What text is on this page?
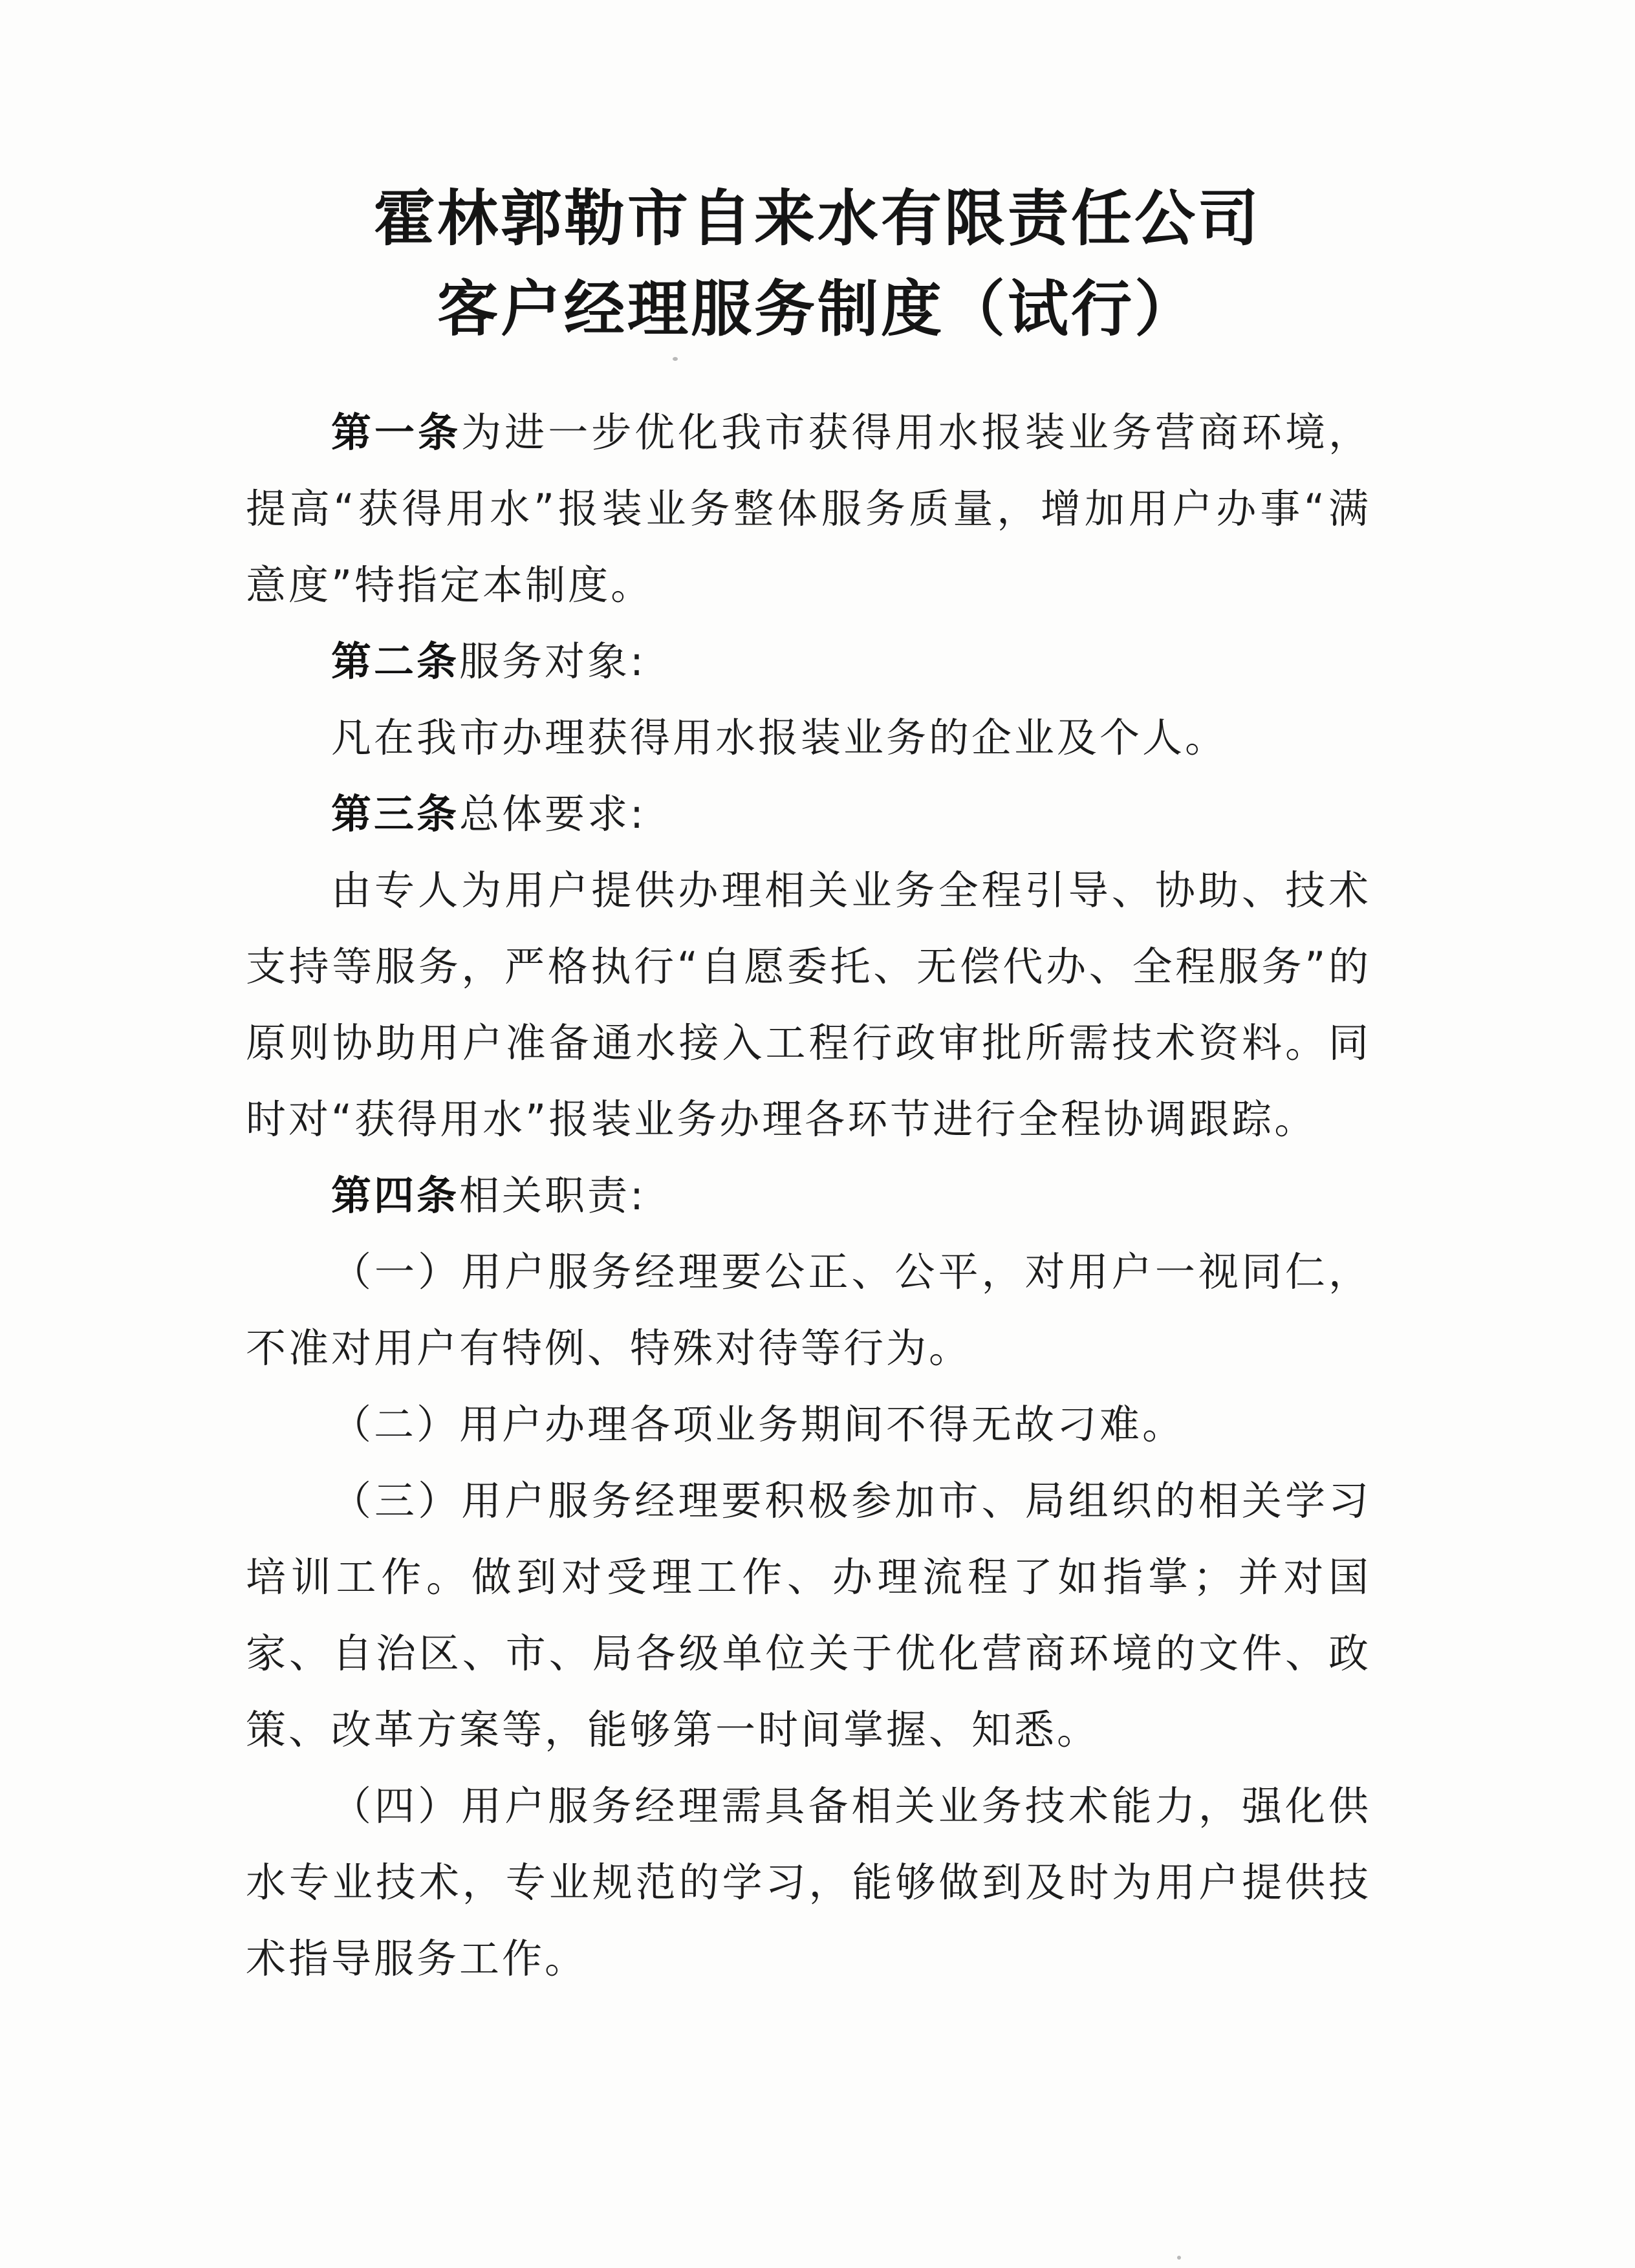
霍林郭勒市自来水有限责任公司
客户经理服务制度（试行）

第一条为进一步优化我市获得用水报装业务营商环境，提高“获得用水”报装业务整体服务质量，增加用户办事“满意度”特指定本制度。

第二条服务对象:

凡在我市办理获得用水报装业务的企业及个人。

第三条总体要求:

由专人为用户提供办理相关业务全程引导、协助、技术支持等服务，严格执行“自愿委托、无偿代办、全程服务”的原则协助用户准备通水接入工程行政审批所需技术资料。同时对“获得用水”报装业务办理各环节进行全程协调跟踪。

第四条相关职责:

（一）用户服务经理要公正、公平，对用户一视同仁，不准对用户有特例、特殊对待等行为。

（二）用户办理各项业务期间不得无故刁难。

（三）用户服务经理要积极参加市、局组织的相关学习培训工作。做到对受理工作、办理流程了如指掌；并对国家、自治区、市、局各级单位关于优化营商环境的文件、政策、改革方案等，能够第一时间掌握、知悉。

（四）用户服务经理需具备相关业务技术能力，强化供水专业技术，专业规范的学习，能够做到及时为用户提供技术指导服务工作。
